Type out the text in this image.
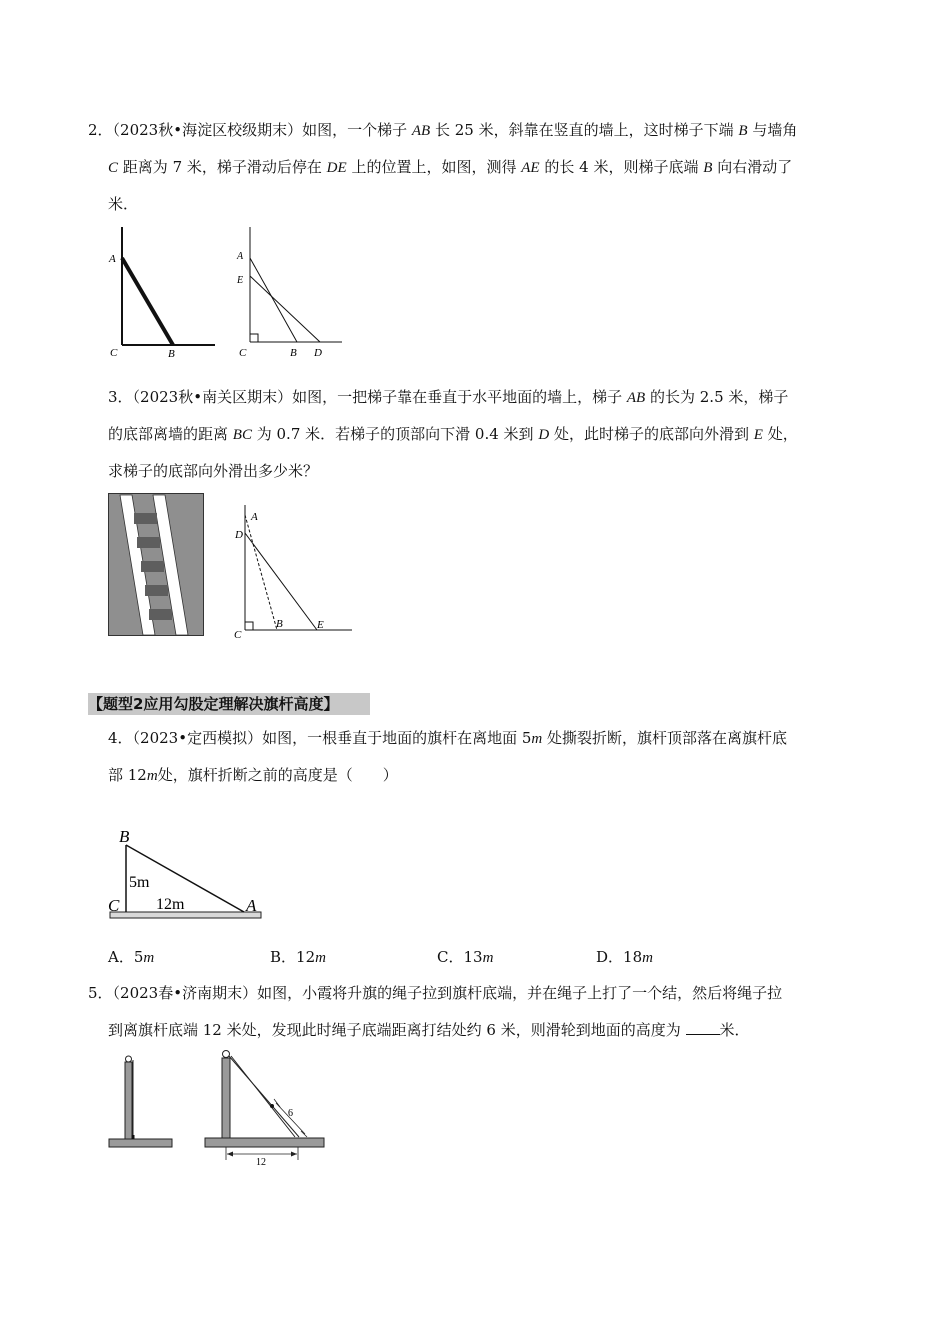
2．（2023秋•海淀区校级期末）如图，一个梯子 AB 长 25 米，斜靠在竖直的墙上，这时梯子下端 B 与墙角
C 距离为 7 米，梯子滑动后停在 DE 上的位置上，如图，测得 AE 的长 4 米，则梯子底端 B 向右滑动了
米．
A
C	B
A
E
C	B D
3．（2023秋•南关区期末）如图，一把梯子靠在垂直于水平地面的墙上，梯子 AB 的长为 2.5 米，梯子
的底部离墙的距离 BC 为 0.7 米．若梯子的顶部向下滑 0.4 米到 D 处，此时梯子的底部向外滑到 E 处，
求梯子的底部向外滑出多少米？
A
D
C
B	E
【题型2应用勾股定理解决旗杆高度】
4．（2023•定西模拟）如图，一根垂直于地面的旗杆在离地面 5m 处撕裂折断，旗杆顶部落在离旗杆底
部 12m处，旗杆折断之前的高度是（　　）
B
C	A
5m
12m
A．5m	B．12m	C．13m	D．18m
5．（2023春•济南期末）如图，小霞将升旗的绳子拉到旗杆底端，并在绳子上打了一个结，然后将绳子拉
到离旗杆底端 12 米处，发现此时绳子底端距离打结处约 6 米，则滑轮到地面的高度为	米．
6
12
